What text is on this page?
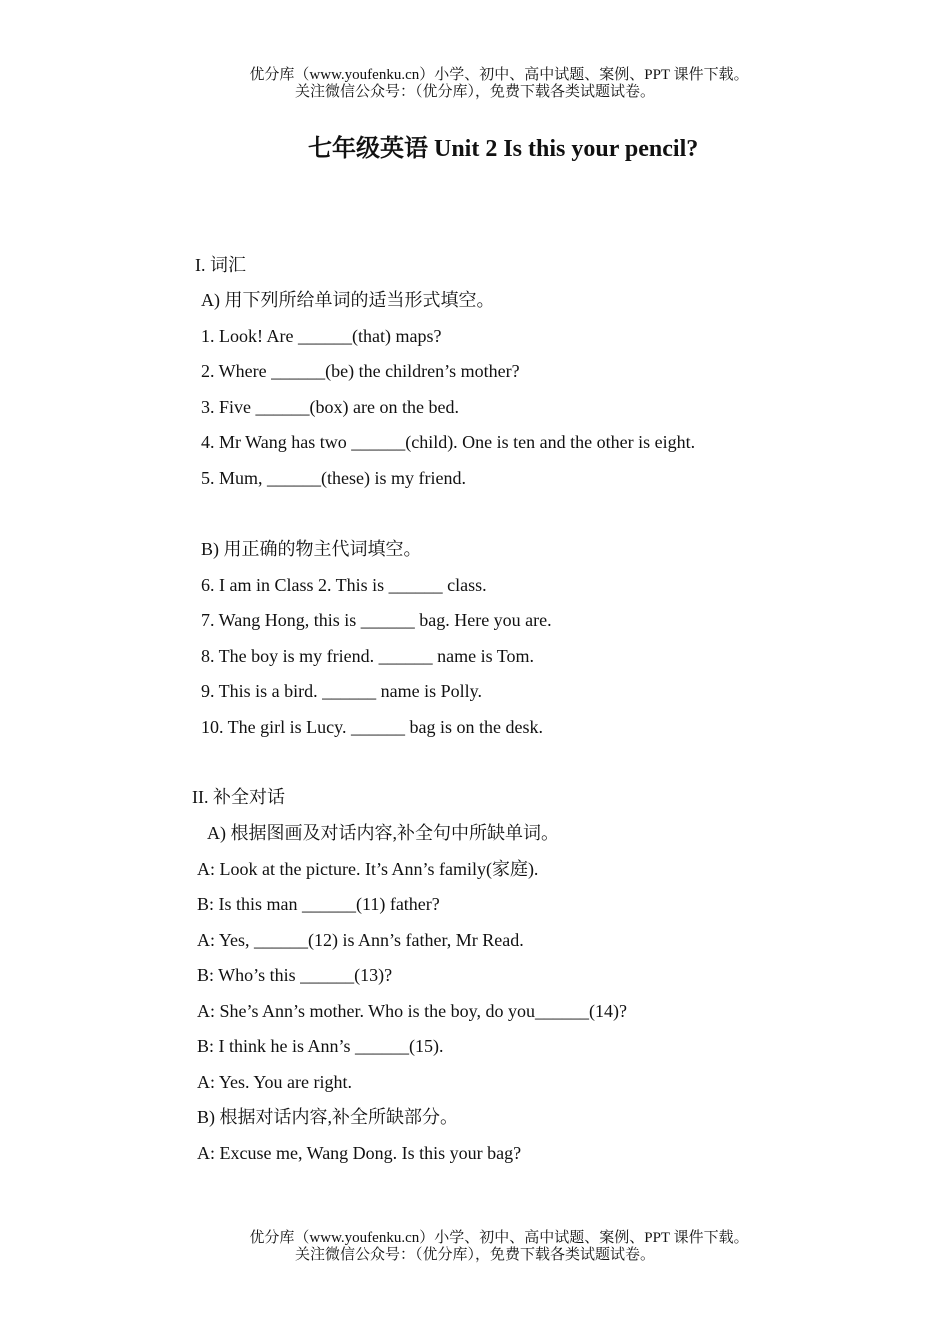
优分库（www.youfenku.cn）小学、初中、高中试题、案例、PPT 课件下载。
关注微信公众号：（优分库），免费下载各类试题试卷。
七年级英语 Unit 2 Is this your pencil?
I. 词汇
A) 用下列所给单词的适当形式填空。
1. Look! Are ______(that) maps?
2. Where ______(be) the children’s mother?
3. Five ______(box) are on the bed.
4. Mr Wang has two ______(child). One is ten and the other is eight.
5. Mum, ______(these) is my friend.
B) 用正确的物主代词填空。
6. I am in Class 2. This is ______ class.
7. Wang Hong, this is ______ bag. Here you are.
8. The boy is my friend. ______ name is Tom.
9. This is a bird. ______ name is Polly.
10. The girl is Lucy. ______ bag is on the desk.
II. 补全对话
A) 根据图画及对话内容,补全句中所缺单词。
A: Look at the picture. It’s Ann’s family(家庭).
B: Is this man ______(11) father?
A: Yes, ______(12) is Ann’s father, Mr Read.
B: Who’s this ______(13)?
A: She’s Ann’s mother. Who is the boy, do you______(14)?
B: I think he is Ann’s ______(15).
A: Yes. You are right.
B) 根据对话内容,补全所缺部分。
A: Excuse me, Wang Dong. Is this your bag?
优分库（www.youfenku.cn）小学、初中、高中试题、案例、PPT 课件下载。
关注微信公众号：（优分库），免费下载各类试题试卷。
